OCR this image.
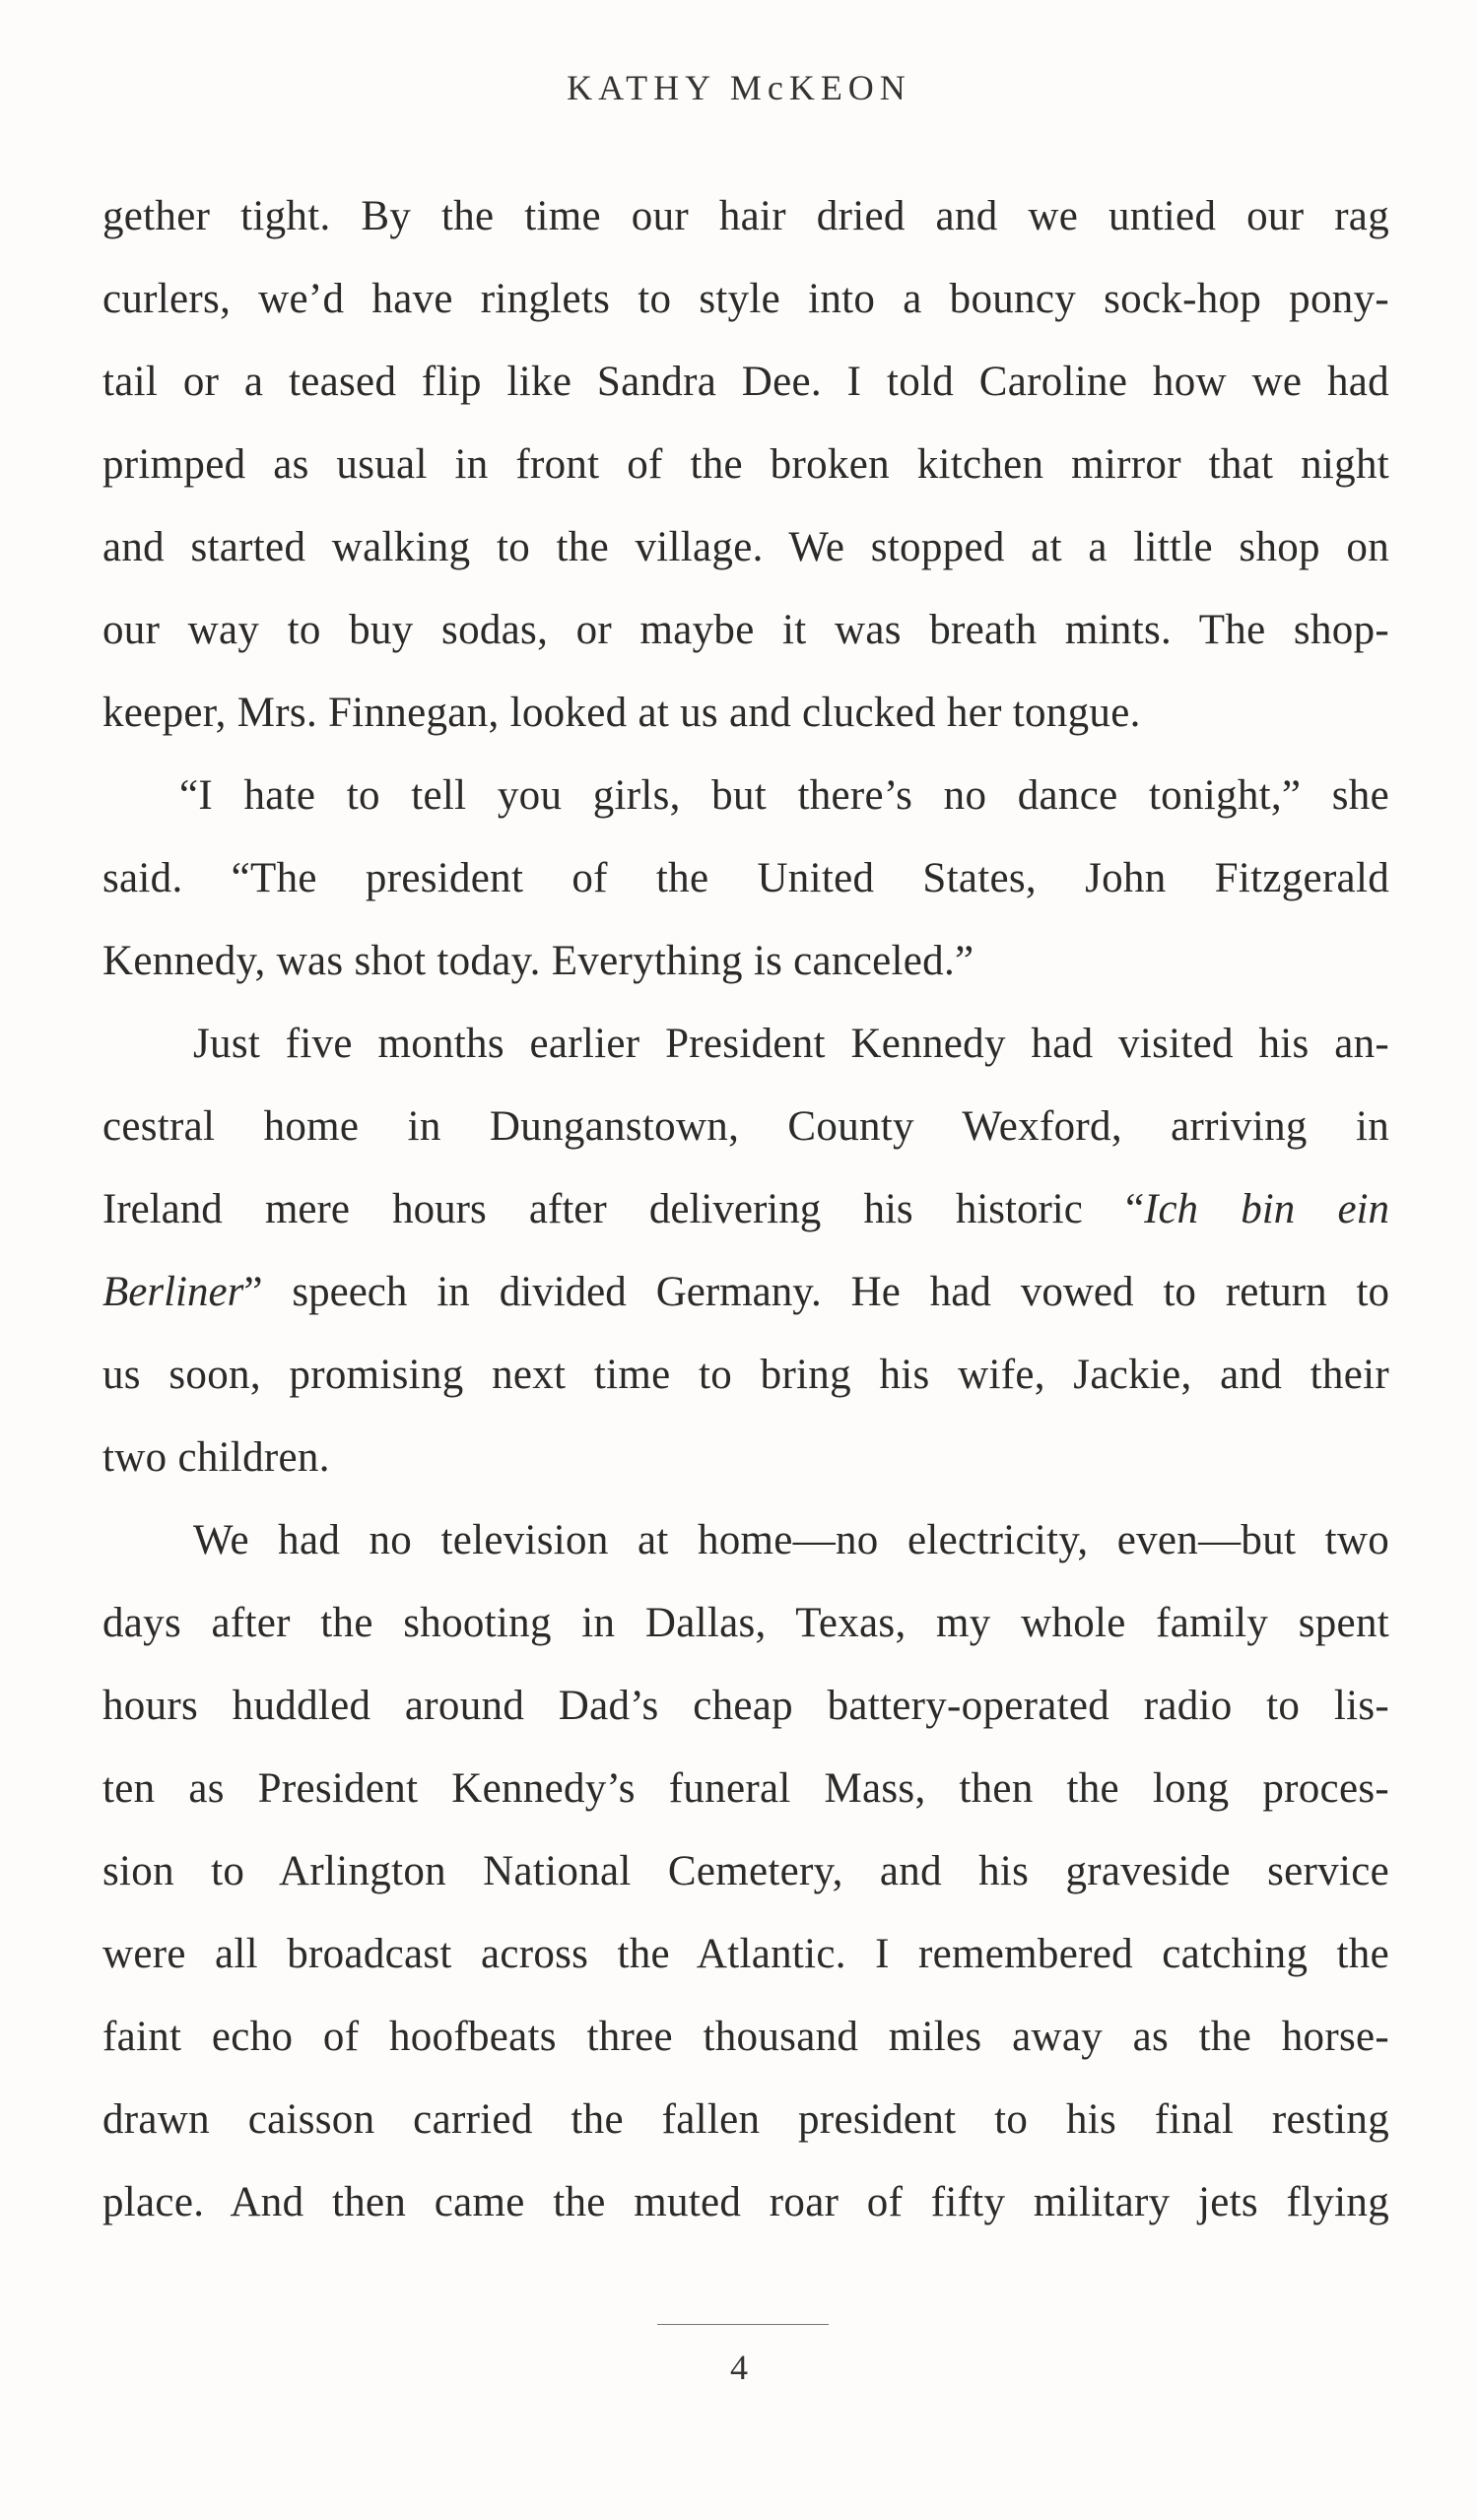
KATHY McKEON
gether tight. By the time our hair dried and we untied our rag
curlers, we’d have ringlets to style into a bouncy sock-hop pony-
tail or a teased flip like Sandra Dee. I told Caroline how we had
primped as usual in front of the broken kitchen mirror that night
and started walking to the village. We stopped at a little shop on
our way to buy sodas, or maybe it was breath mints. The shop-
keeper, Mrs. Finnegan, looked at us and clucked her tongue.
“I hate to tell you girls, but there’s no dance tonight,” she
said. “The president of the United States, John Fitzgerald
Kennedy, was shot today. Everything is canceled.”
Just five months earlier President Kennedy had visited his an-
cestral home in Dunganstown, County Wexford, arriving in
Ireland mere hours after delivering his historic “Ich bin ein
Berliner” speech in divided Germany. He had vowed to return to
us soon, promising next time to bring his wife, Jackie, and their
two children.
We had no television at home—no electricity, even—but two
days after the shooting in Dallas, Texas, my whole family spent
hours huddled around Dad’s cheap battery-operated radio to lis-
ten as President Kennedy’s funeral Mass, then the long proces-
sion to Arlington National Cemetery, and his graveside service
were all broadcast across the Atlantic. I remembered catching the
faint echo of hoofbeats three thousand miles away as the horse-
drawn caisson carried the fallen president to his final resting
place. And then came the muted roar of fifty military jets flying
4
